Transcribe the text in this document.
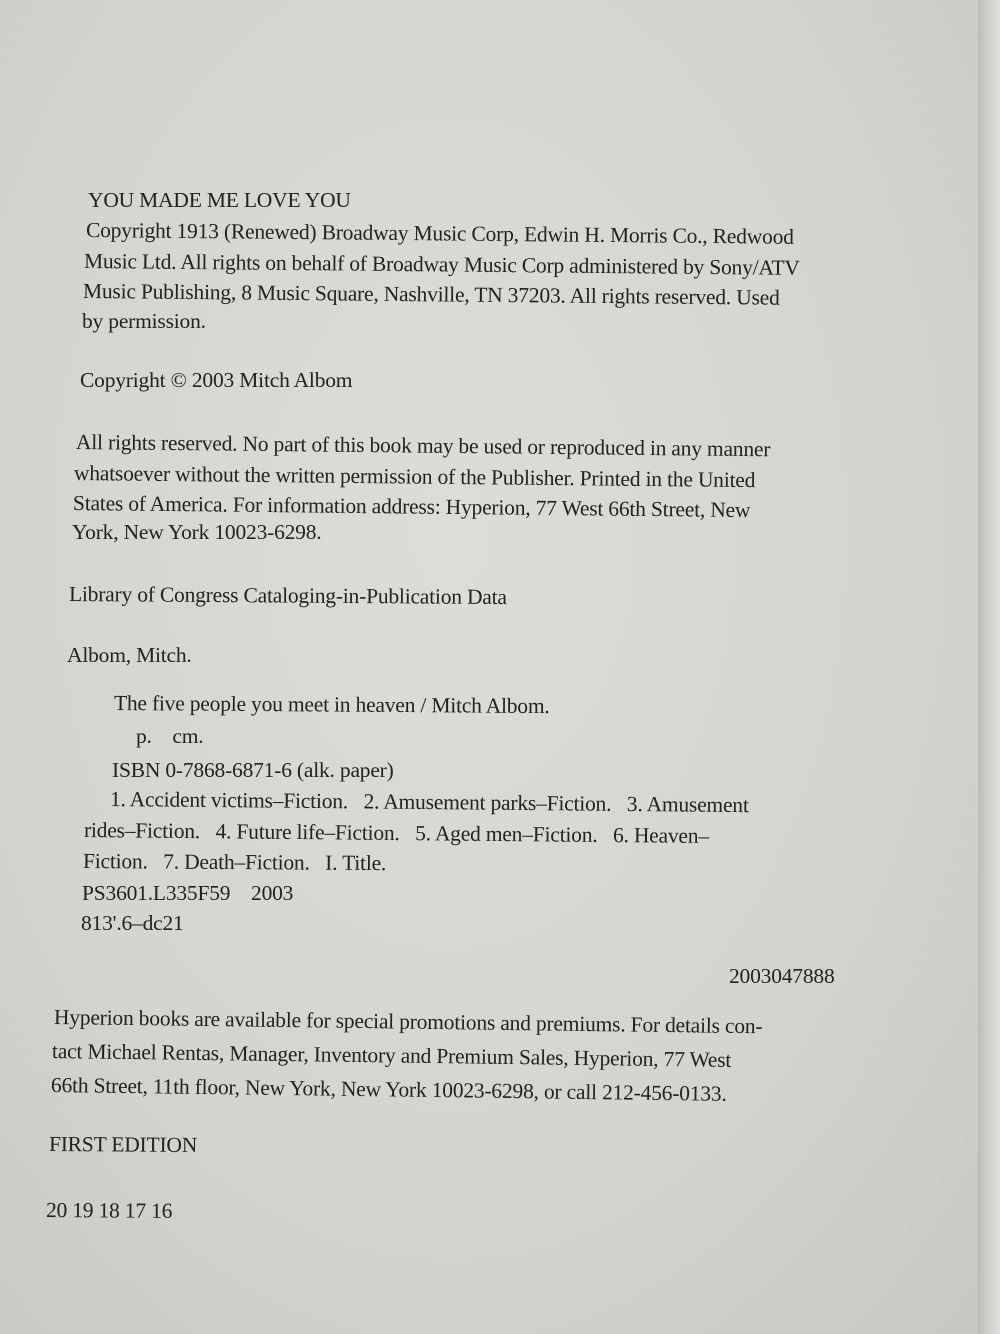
YOU MADE ME LOVE YOU
Copyright 1913 (Renewed) Broadway Music Corp, Edwin H. Morris Co., Redwood
Music Ltd. All rights on behalf of Broadway Music Corp administered by Sony/ATV
Music Publishing, 8 Music Square, Nashville, TN 37203. All rights reserved. Used
by permission.
Copyright © 2003 Mitch Albom
All rights reserved. No part of this book may be used or reproduced in any manner
whatsoever without the written permission of the Publisher. Printed in the United
States of America. For information address: Hyperion, 77 West 66th Street, New
York, New York 10023-6298.
Library of Congress Cataloging-in-Publication Data
Albom, Mitch.
The five people you meet in heaven / Mitch Albom.
p.    cm.
ISBN 0-7868-6871-6 (alk. paper)
1. Accident victims–Fiction.   2. Amusement parks–Fiction.   3. Amusement
rides–Fiction.   4. Future life–Fiction.   5. Aged men–Fiction.   6. Heaven–
Fiction.   7. Death–Fiction.   I. Title.
PS3601.L335F59    2003
813'.6–dc21
2003047888
Hyperion books are available for special promotions and premiums. For details con-
tact Michael Rentas, Manager, Inventory and Premium Sales, Hyperion, 77 West
66th Street, 11th floor, New York, New York 10023-6298, or call 212-456-0133.
FIRST EDITION
20 19 18 17 16
